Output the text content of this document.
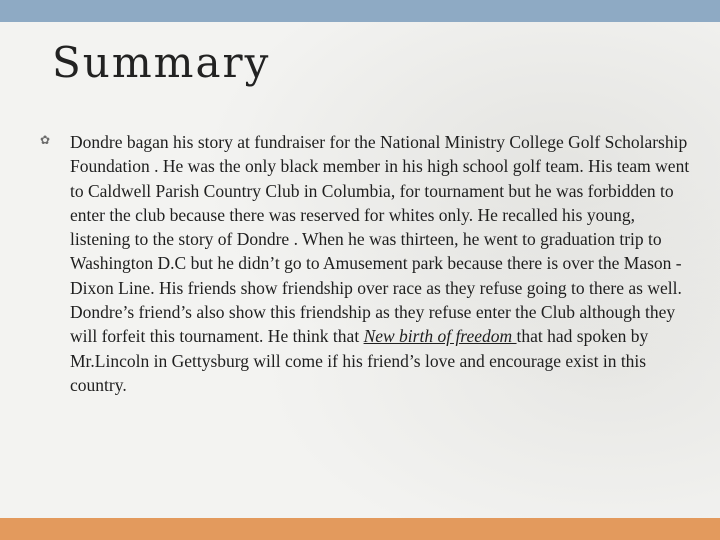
Summary
✿ Dondre bagan his story at fundraiser for the National Ministry College Golf Scholarship Foundation . He was the only black member in his high school golf team. His team went to Caldwell Parish Country Club in Columbia, for tournament but he was forbidden to enter the club because there was reserved for whites only. He recalled his young, listening to the story of Dondre . When he was thirteen, he went to graduation trip to Washington D.C but he didn’t go to Amusement park because there is over the Mason -Dixon Line. His friends show friendship over race as they refuse going to there as well. Dondre’s friend’s also show this friendship as they refuse enter the Club although they will forfeit this tournament. He think that New birth of freedom that had spoken by Mr.Lincoln in Gettysburg will come if his friend’s love and encourage exist in this country.
